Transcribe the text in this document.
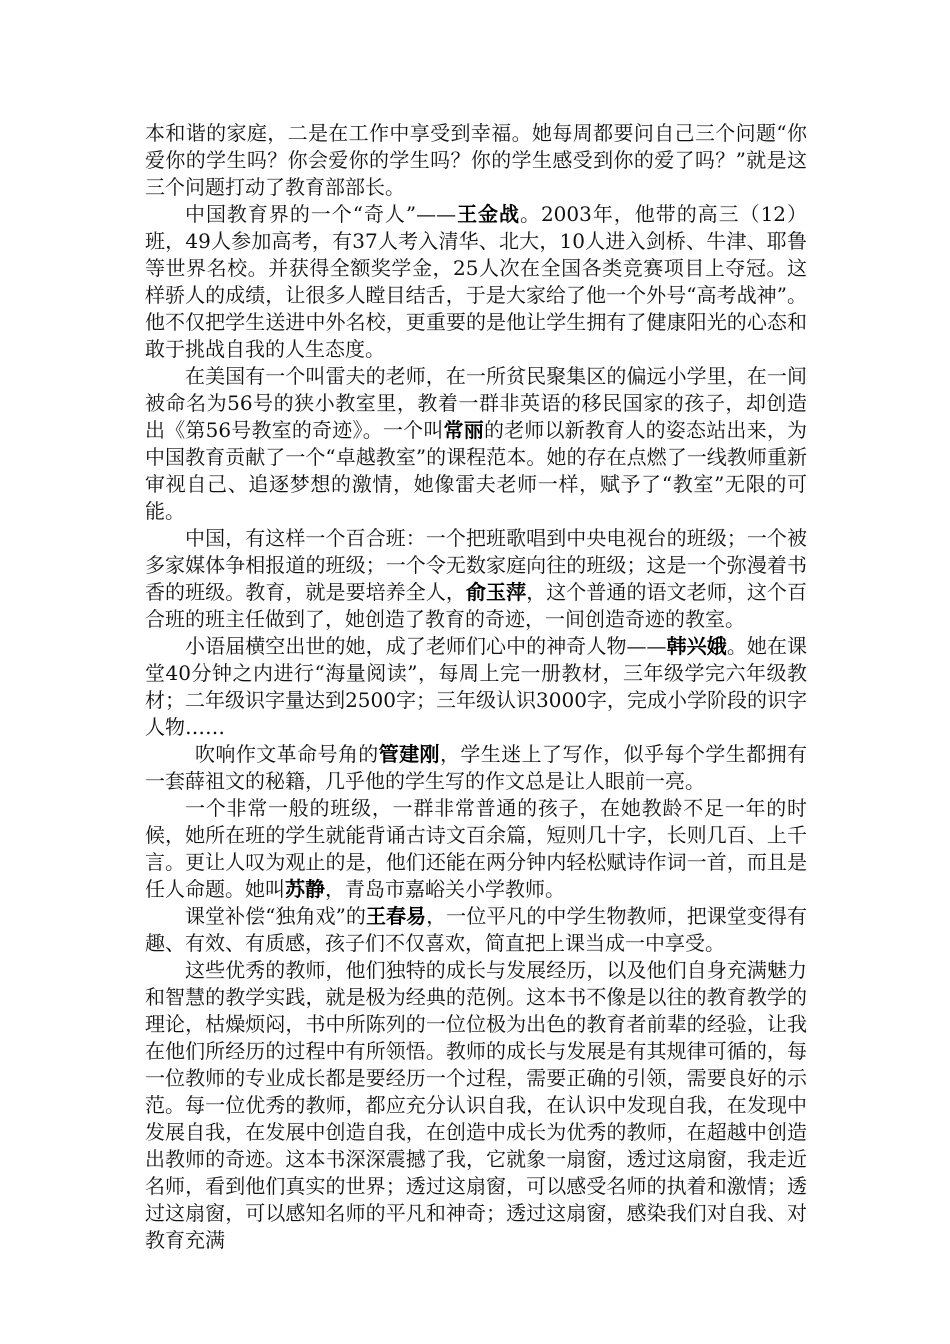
本和谐的家庭，二是在工作中享受到幸福。她每周都要问自己三个问题“你爱你的学生吗？你会爱你的学生吗？你的学生感受到你的爱了吗？”就是这三个问题打动了教育部部长。

中国教育界的一个“奇人”——王金战。2003年，他带的高三（12）班，49人参加高考，有37人考入清华、北大，10人进入剑桥、牛津、耶鲁等世界名校。并获得全额奖学金，25人次在全国各类竞赛项目上夺冠。这样骄人的成绩，让很多人瞠目结舌，于是大家给了他一个外号“高考战神”。他不仅把学生送进中外名校，更重要的是他让学生拥有了健康阳光的心态和敢于挑战自我的人生态度。

在美国有一个叫雷夫的老师，在一所贫民聚集区的偏远小学里，在一间被命名为56号的狭小教室里，教着一群非英语的移民国家的孩子，却创造出《第56号教室的奇迹》。一个叫常丽的老师以新教育人的姿态站出来，为中国教育贡献了一个“卓越教室”的课程范本。她的存在点燃了一线教师重新审视自己、追逐梦想的激情，她像雷夫老师一样，赋予了“教室”无限的可能。

中国，有这样一个百合班：一个把班歌唱到中央电视台的班级；一个被多家媒体争相报道的班级；一个令无数家庭向往的班级；这是一个弥漫着书香的班级。教育，就是要培养全人，俞玉萍，这个普通的语文老师，这个百合班的班主任做到了，她创造了教育的奇迹，一间创造奇迹的教室。

小语届横空出世的她，成了老师们心中的神奇人物——韩兴娥。她在课堂40分钟之内进行“海量阅读”，每周上完一册教材，三年级学完六年级教材；二年级识字量达到2500字；三年级认识3000字，完成小学阶段的识字人物……

吹响作文革命号角的管建刚，学生迷上了写作，似乎每个学生都拥有一套薛祖文的秘籍，几乎他的学生写的作文总是让人眼前一亮。

一个非常一般的班级，一群非常普通的孩子，在她教龄不足一年的时候，她所在班的学生就能背诵古诗文百余篇，短则几十字，长则几百、上千言。更让人叹为观止的是，他们还能在两分钟内轻松赋诗作词一首，而且是任人命题。她叫苏静，青岛市嘉峪关小学教师。

课堂补偿“独角戏”的王春易，一位平凡的中学生物教师，把课堂变得有趣、有效、有质感，孩子们不仅喜欢，简直把上课当成一中享受。

这些优秀的教师，他们独特的成长与发展经历，以及他们自身充满魅力和智慧的教学实践，就是极为经典的范例。这本书不像是以往的教育教学的理论，枯燥烦闷，书中所陈列的一位位极为出色的教育者前辈的经验，让我在他们所经历的过程中有所领悟。教师的成长与发展是有其规律可循的，每一位教师的专业成长都是要经历一个过程，需要正确的引领，需要良好的示范。每一位优秀的教师，都应充分认识自我，在认识中发现自我，在发现中发展自我，在发展中创造自我，在创造中成长为优秀的教师，在超越中创造出教师的奇迹。这本书深深震撼了我，它就象一扇窗，透过这扇窗，我走近名师，看到他们真实的世界；透过这扇窗，可以感受名师的执着和激情；透过这扇窗，可以感知名师的平凡和神奇；透过这扇窗，感染我们对自我、对教育充满
